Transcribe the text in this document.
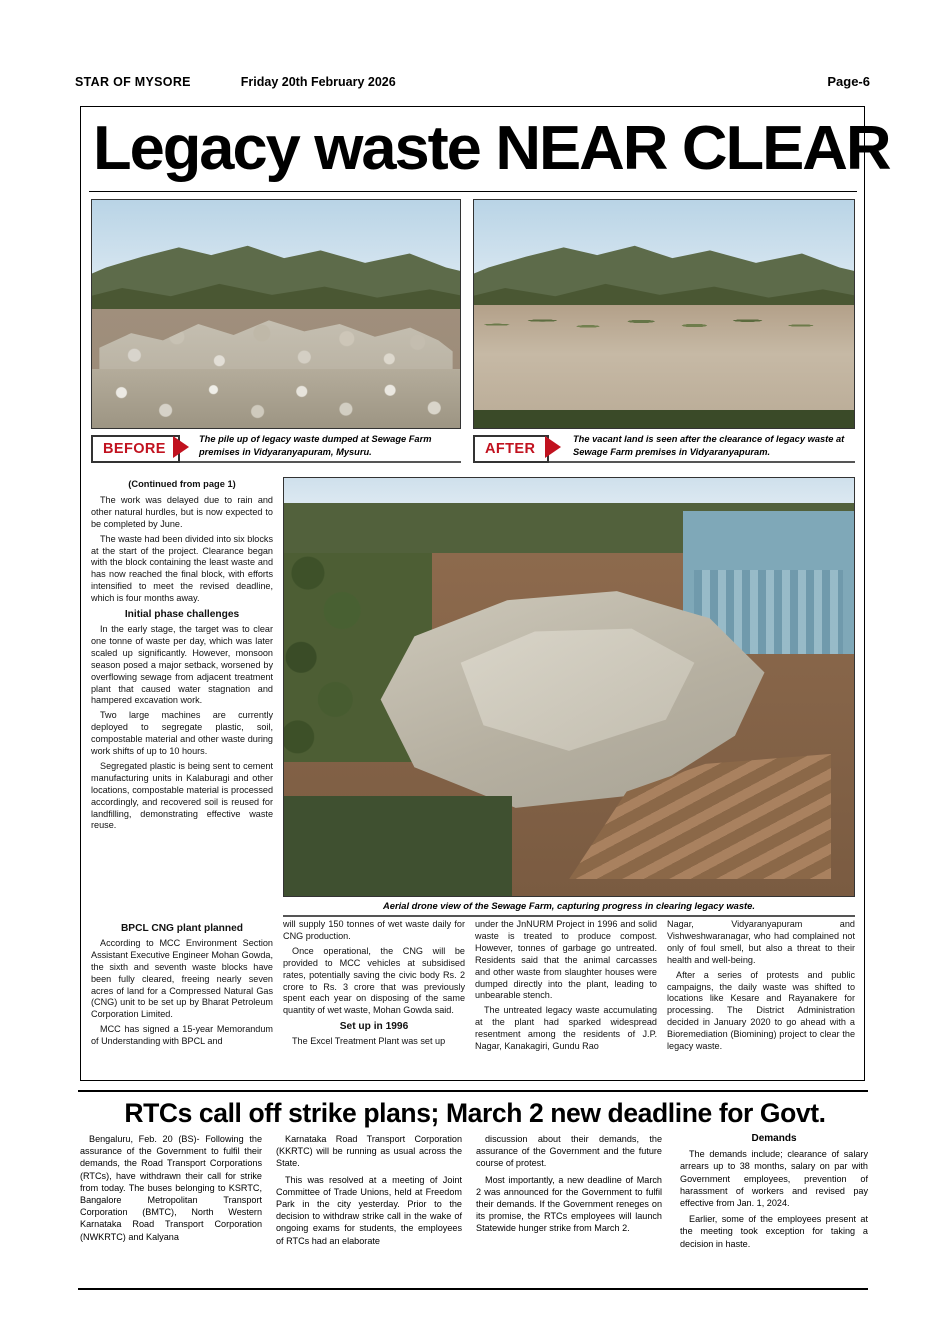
STAR OF MYSORE	Friday 20th February 2026	Page-6
Legacy waste NEAR CLEAR
BEFORE
The pile up of legacy waste dumped at Sewage Farm premises in Vidyaranyapuram, Mysuru.	AFTER
The vacant land is seen after the clearance of legacy waste at Sewage Farm premises in Vidyaranyapuram.
(Continued from page 1)

The work was delayed due to rain and other natural hurdles, but is now expected to be completed by June.

The waste had been divided into six blocks at the start of the project. Clearance began with the block containing the least waste and has now reached the final block, with efforts intensified to meet the revised deadline, which is four months away.

Initial phase challenges

In the early stage, the target was to clear one tonne of waste per day, which was later scaled up significantly. However, monsoon season posed a major setback, worsened by overflowing sewage from adjacent treatment plant that caused water stagnation and hampered excavation work.

Two large machines are currently deployed to segregate plastic, soil, compostable material and other waste during work shifts of up to 10 hours.

Segregated plastic is being sent to cement manufacturing units in Kalaburagi and other locations, compostable material is processed accordingly, and recovered soil is reused for landfilling, demonstrating effective waste reuse.

Aerial drone view of the Sewage Farm, capturing progress in clearing legacy waste.
BPCL CNG plant planned

According to MCC Environment Section Assistant Executive Engineer Mohan Gowda, the sixth and seventh waste blocks have been fully cleared, freeing nearly seven acres of land for a Compressed Natural Gas (CNG) unit to be set up by Bharat Petroleum Corporation Limited.

MCC has signed a 15-year Memorandum of Understanding with BPCL and

will supply 150 tonnes of wet waste daily for CNG production.

Once operational, the CNG will be provided to MCC vehicles at subsidised rates, potentially saving the civic body Rs. 2 crore to Rs. 3 crore that was previously spent each year on disposing of the same quantity of wet waste, Mohan Gowda said.

Set up in 1996

The Excel Treatment Plant was set up

under the JnNURM Project in 1996 and solid waste is treated to produce compost. However, tonnes of garbage go untreated. Residents said that the animal carcasses and other waste from slaughter houses were dumped directly into the plant, leading to unbearable stench.

The untreated legacy waste accumulating at the plant had sparked widespread resentment among the residents of J.P. Nagar, Kanakagiri, Gundu Rao

Nagar, Vidyaranyapuram and Vishweshwaranagar, who had complained not only of foul smell, but also a threat to their health and well-being.

After a series of protests and public campaigns, the daily waste was shifted to locations like Kesare and Rayanakere for processing. The District Administration decided in January 2020 to go ahead with a Bioremediation (Biomining) project to clear the legacy waste.

RTCs call off strike plans; March 2 new deadline for Govt.

Bengaluru, Feb. 20 (BS)- Following the assurance of the Government to fulfil their demands, the Road Transport Corporations (RTCs), have withdrawn their call for strike from today. The buses belonging to KSRTC, Bangalore Metropolitan Transport Corporation (BMTC), North Western Karnataka Road Transport Corporation (NWKRTC) and Kalyana

Karnataka Road Transport Corporation (KKRTC) will be running as usual across the State.

This was resolved at a meeting of Joint Committee of Trade Unions, held at Freedom Park in the city yesterday. Prior to the decision to withdraw strike call in the wake of ongoing exams for students, the employees of RTCs had an elaborate

discussion about their demands, the assurance of the Government and the future course of protest.

Most importantly, a new deadline of March 2 was announced for the Government to fulfil their demands. If the Government reneges on its promise, the RTCs employees will launch Statewide hunger strike from March 2.

Demands

The demands include; clearance of salary arrears up to 38 months, salary on par with Government employees, prevention of harassment of workers and revised pay effective from Jan. 1, 2024.

Earlier, some of the employees present at the meeting took exception for taking a decision in haste.
